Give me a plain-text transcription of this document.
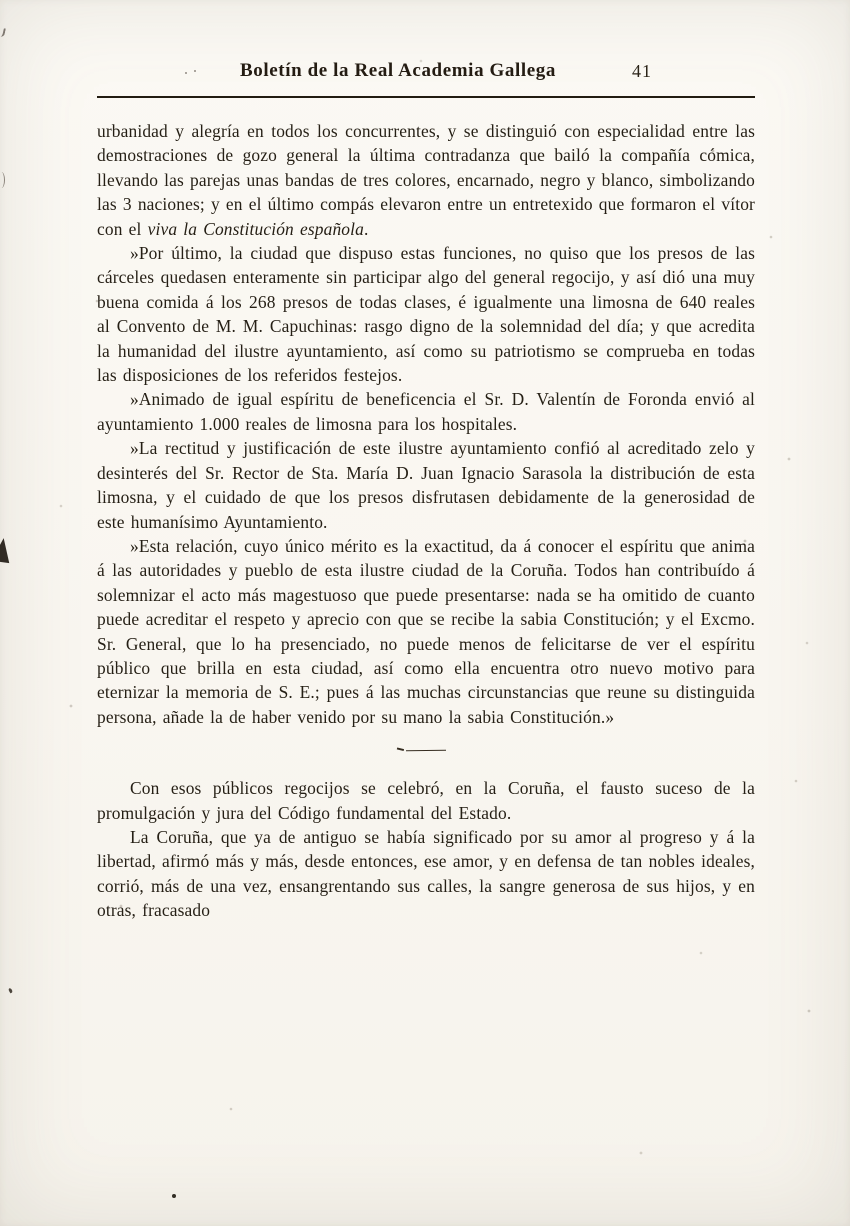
Boletín de la Real Academia Gallega	41

urbanidad y alegría en todos los concurrentes, y se distinguió con especialidad entre las demostraciones de gozo general la última contradanza que bailó la compañía cómica, llevando las parejas unas bandas de tres colores, encarnado, negro y blanco, simbolizando las 3 naciones; y en el último compás elevaron entre un entretexido que formaron el vítor con el viva la Constitución española.

»Por último, la ciudad que dispuso estas funciones, no quiso que los presos de las cárceles quedasen enteramente sin participar algo del general regocijo, y así dió una muy buena comida á los 268 presos de todas clases, é igualmente una limosna de 640 reales al Convento de M. M. Capuchinas: rasgo digno de la solemnidad del día; y que acredita la humanidad del ilustre ayuntamiento, así como su patriotismo se comprueba en todas las disposiciones de los referidos festejos.

»Animado de igual espíritu de beneficencia el Sr. D. Valentín de Foronda envió al ayuntamiento 1.000 reales de limosna para los hospitales.

»La rectitud y justificación de este ilustre ayuntamiento confió al acreditado zelo y desinterés del Sr. Rector de Sta. María D. Juan Ignacio Sarasola la distribución de esta limosna, y el cuidado de que los presos disfrutasen debidamente de la generosidad de este humanísimo Ayuntamiento.

»Esta relación, cuyo único mérito es la exactitud, da á conocer el espíritu que anima á las autoridades y pueblo de esta ilustre ciudad de la Coruña. Todos han contribuído á solemnizar el acto más magestuoso que puede presentarse: nada se ha omitido de cuanto puede acreditar el respeto y aprecio con que se recibe la sabia Constitución; y el Excmo. Sr. General, que lo ha presenciado, no puede menos de felicitarse de ver el espíritu público que brilla en esta ciudad, así como ella encuentra otro nuevo motivo para eternizar la memoria de S. E.; pues á las muchas circunstancias que reune su distinguida persona, añade la de haber venido por su mano la sabia Constitución.»

Con esos públicos regocijos se celebró, en la Coruña, el fausto suceso de la promulgación y jura del Código fundamental del Estado.

La Coruña, que ya de antiguo se había significado por su amor al progreso y á la libertad, afirmó más y más, desde entonces, ese amor, y en defensa de tan nobles ideales, corrió, más de una vez, ensangrentando sus calles, la sangre generosa de sus hijos, y en otras, fracasado
